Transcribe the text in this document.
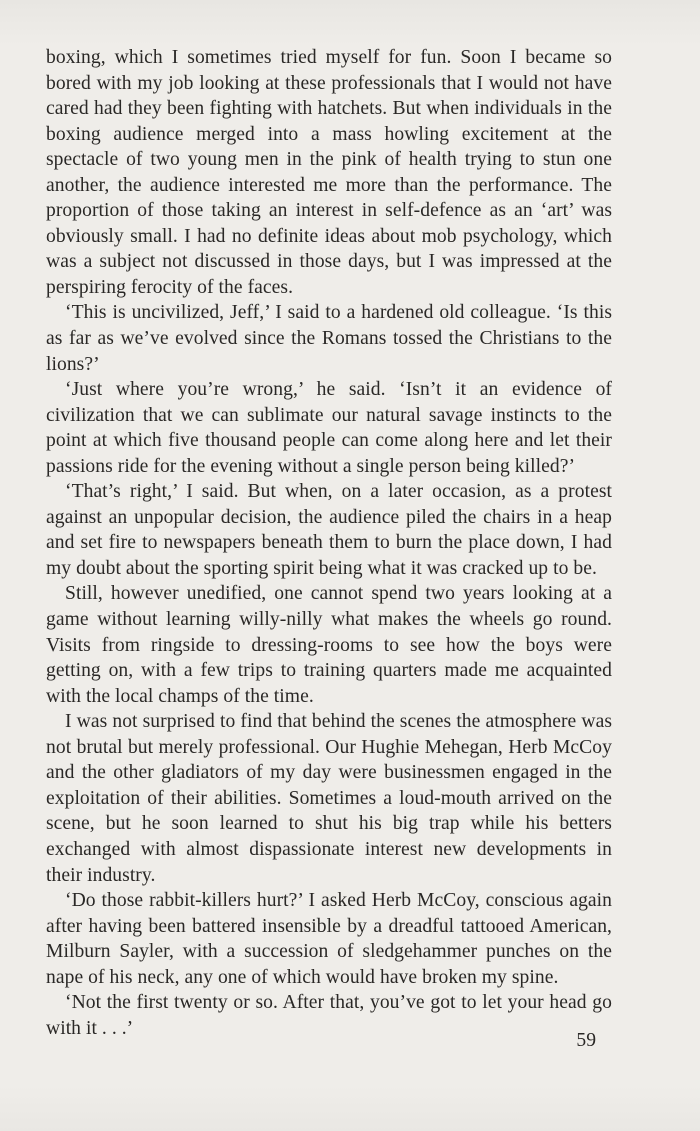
boxing, which I sometimes tried myself for fun. Soon I became so bored with my job looking at these professionals that I would not have cared had they been fighting with hatchets. But when individuals in the boxing audience merged into a mass howling excitement at the spectacle of two young men in the pink of health trying to stun one another, the audience interested me more than the performance. The proportion of those taking an interest in self-defence as an ‘art’ was obviously small. I had no definite ideas about mob psychology, which was a subject not discussed in those days, but I was impressed at the perspiring ferocity of the faces.

‘This is uncivilized, Jeff,’ I said to a hardened old colleague. ‘Is this as far as we’ve evolved since the Romans tossed the Christians to the lions?’

‘Just where you’re wrong,’ he said. ‘Isn’t it an evidence of civilization that we can sublimate our natural savage instincts to the point at which five thousand people can come along here and let their passions ride for the evening without a single person being killed?’

‘That’s right,’ I said. But when, on a later occasion, as a protest against an unpopular decision, the audience piled the chairs in a heap and set fire to newspapers beneath them to burn the place down, I had my doubt about the sporting spirit being what it was cracked up to be.

Still, however unedified, one cannot spend two years looking at a game without learning willy-nilly what makes the wheels go round. Visits from ringside to dressing-rooms to see how the boys were getting on, with a few trips to training quarters made me acquainted with the local champs of the time.

I was not surprised to find that behind the scenes the atmosphere was not brutal but merely professional. Our Hughie Mehegan, Herb McCoy and the other gladiators of my day were businessmen engaged in the exploitation of their abilities. Sometimes a loud-mouth arrived on the scene, but he soon learned to shut his big trap while his betters exchanged with almost dispassionate interest new developments in their industry.

‘Do those rabbit-killers hurt?’ I asked Herb McCoy, conscious again after having been battered insensible by a dreadful tattooed American, Milburn Sayler, with a succession of sledgehammer punches on the nape of his neck, any one of which would have broken my spine.

‘Not the first twenty or so. After that, you’ve got to let your head go with it . . .’

59
